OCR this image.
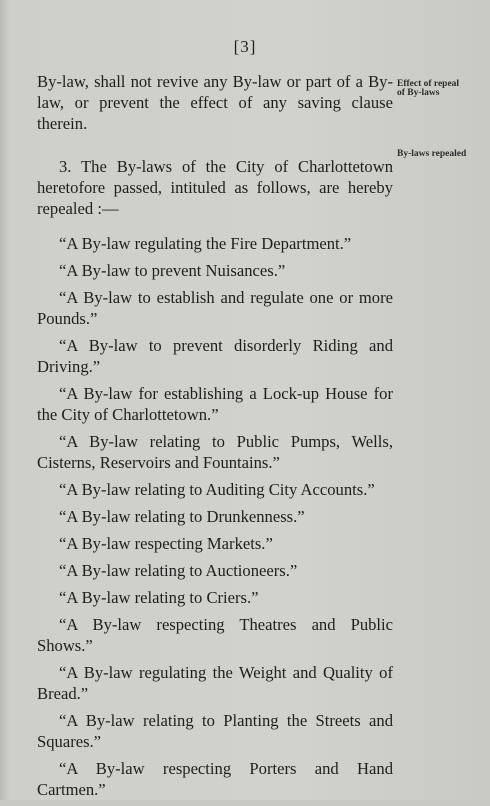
[3]
Effect of repeal of By-laws
By-laws repealed

By-law, shall not revive any By-law or part of a By-law, or prevent the effect of any saving clause therein.

3. The By-laws of the City of Charlottetown heretofore passed, intituled as follows, are hereby repealed :—

“A By-law regulating the Fire Department.”

“A By-law to prevent Nuisances.”

“A By-law to establish and regulate one or more Pounds.”

“A By-law to prevent disorderly Riding and Driving.”

“A By-law for establishing a Lock-up House for the City of Charlottetown.”

“A By-law relating to Public Pumps, Wells, Cisterns, Reservoirs and Fountains.”

“A By-law relating to Auditing City Accounts.”

“A By-law relating to Drunkenness.”

“A By-law respecting Markets.”

“A By-law relating to Auctioneers.”

“A By-law relating to Criers.”

“A By-law respecting Theatres and Public Shows.”

“A By-law regulating the Weight and Quality of Bread.”

“A By-law relating to Planting the Streets and Squares.”

“A By-law respecting Porters and Hand Cartmen.”
